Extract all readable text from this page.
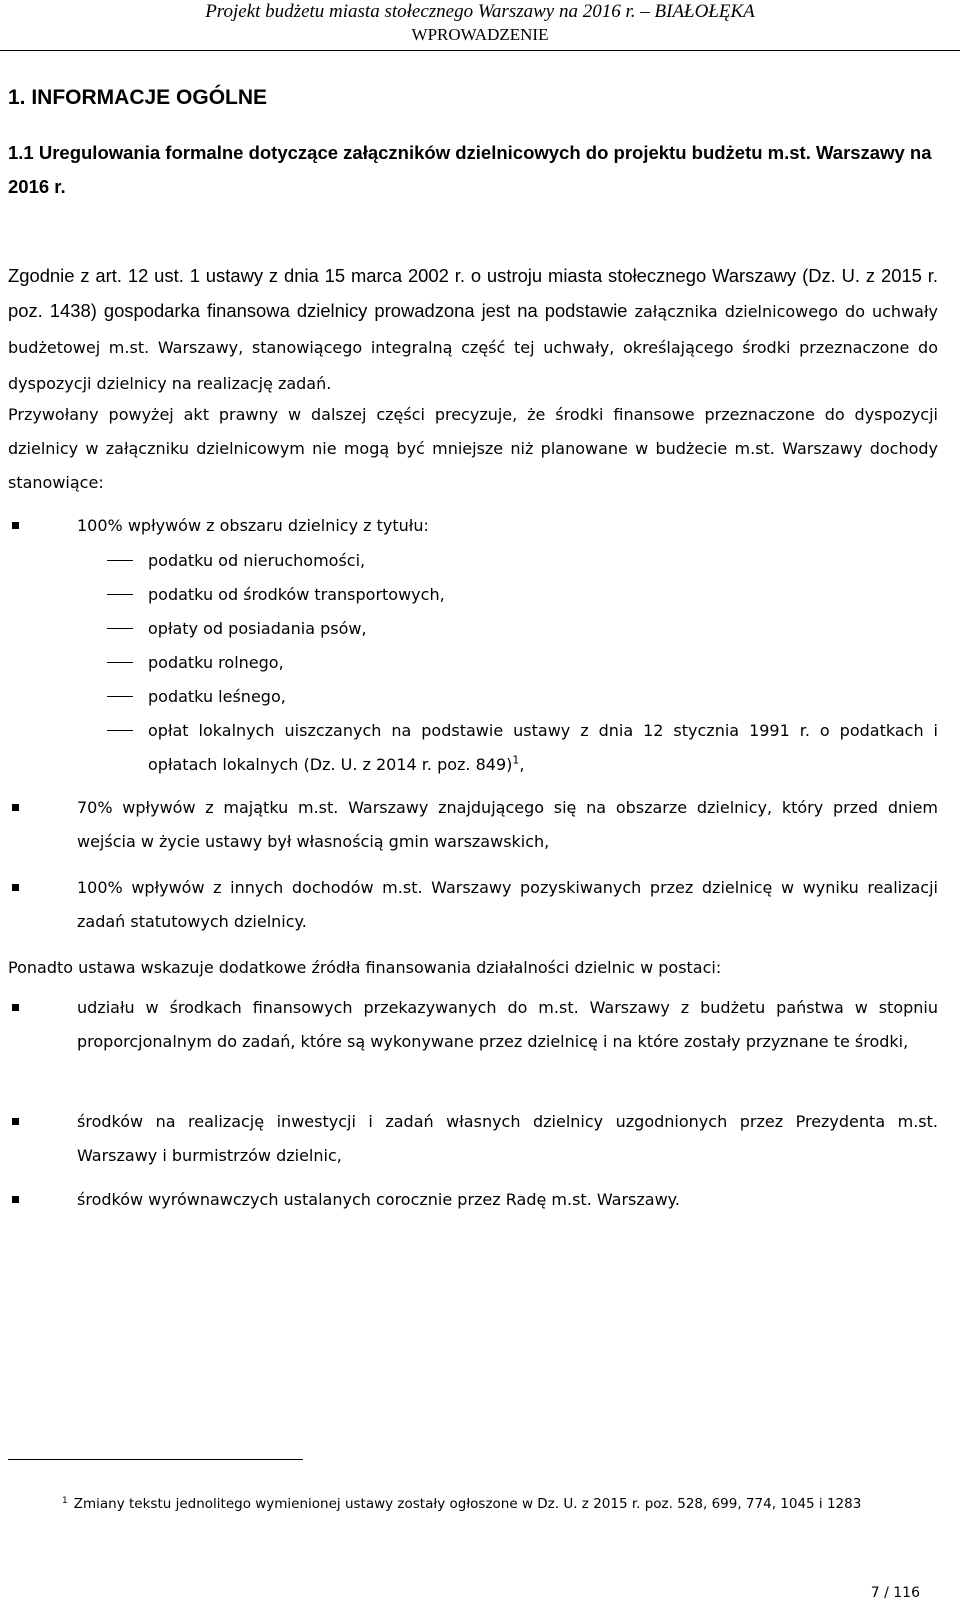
Projekt budżetu miasta stołecznego Warszawy na 2016 r. – BIAŁOŁĘKA
WPROWADZENIE
1. INFORMACJE OGÓLNE
1.1 Uregulowania formalne dotyczące załączników dzielnicowych do projektu budżetu m.st. Warszawy na 2016 r.

Zgodnie z art. 12 ust. 1 ustawy z dnia 15 marca 2002 r. o ustroju miasta stołecznego Warszawy (Dz. U. z 2015 r. poz. 1438) gospodarka finansowa dzielnicy prowadzona jest na podstawie załącznika dzielnicowego do uchwały budżetowej m.st. Warszawy, stanowiącego integralną część tej uchwały, określającego środki przeznaczone do dyspozycji dzielnicy na realizację zadań.

Przywołany powyżej akt prawny w dalszej części precyzuje, że środki finansowe przeznaczone do dyspozycji dzielnicy w załączniku dzielnicowym nie mogą być mniejsze niż planowane w budżecie m.st. Warszawy dochody stanowiące:

100% wpływów z obszaru dzielnicy z tytułu:
podatku od nieruchomości,
podatku od środków transportowych,
opłaty od posiadania psów,
podatku rolnego,
podatku leśnego,
opłat lokalnych uiszczanych na podstawie ustawy z dnia 12 stycznia 1991 r. o podatkach i opłatach lokalnych (Dz. U. z 2014 r. poz. 849)$^1$,
70% wpływów z majątku m.st. Warszawy znajdującego się na obszarze dzielnicy, który przed dniem wejścia w życie ustawy był własnością gmin warszawskich,
100% wpływów z innych dochodów m.st. Warszawy pozyskiwanych przez dzielnicę w wyniku realizacji zadań statutowych dzielnicy.

Ponadto ustawa wskazuje dodatkowe źródła finansowania działalności dzielnic w postaci:

udziału w środkach finansowych przekazywanych do m.st. Warszawy z budżetu państwa w stopniu proporcjonalnym do zadań, które są wykonywane przez dzielnicę i na które zostały przyznane te środki,
środków na realizację inwestycji i zadań własnych dzielnicy uzgodnionych przez Prezydenta m.st. Warszawy i burmistrzów dzielnic,
środków wyrównawczych ustalanych corocznie przez Radę m.st. Warszawy.

$^1$ Zmiany tekstu jednolitego wymienionej ustawy zostały ogłoszone w Dz. U. z 2015 r. poz. 528, 699, 774, 1045 i 1283

7 / 116
